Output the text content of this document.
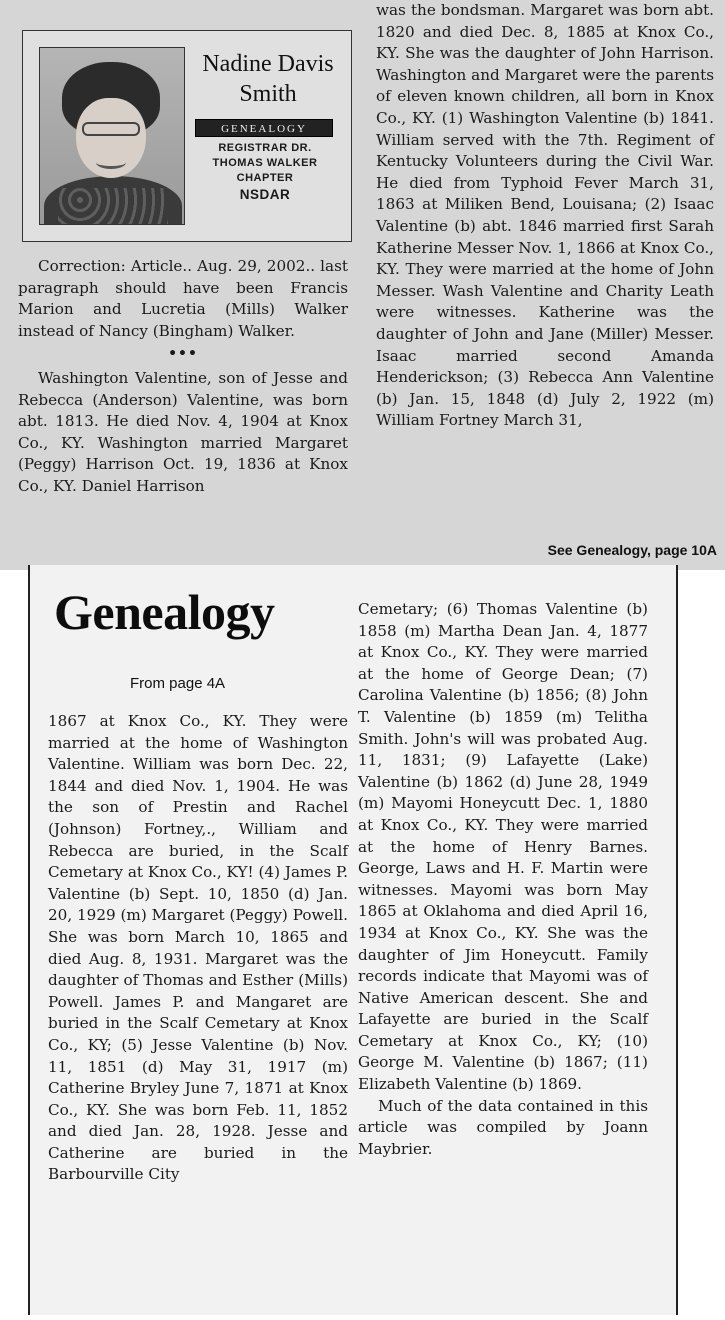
Nadine Davis Smith
GENEALOGY
REGISTRAR DR.
THOMAS WALKER
CHAPTER
NSDAR

Correction: Article.. Aug. 29, 2002.. last paragraph should have been Francis Marion and Lucretia (Mills) Walker instead of Nancy (Bingham) Walker.

•••

Washington Valentine, son of Jesse and Rebecca (Anderson) Valentine, was born abt. 1813. He died Nov. 4, 1904 at Knox Co., KY. Washington married Margaret (Peggy) Harrison Oct. 19, 1836 at Knox Co., KY. Daniel Harrison

was the bondsman. Margaret was born abt. 1820 and died Dec. 8, 1885 at Knox Co., KY. She was the daughter of John Harrison. Washington and Margaret were the parents of eleven known children, all born in Knox Co., KY. (1) Washington Valentine (b) 1841. William served with the 7th. Regiment of Kentucky Volunteers during the Civil War. He died from Typhoid Fever March 31, 1863 at Miliken Bend, Louisana; (2) Isaac Valentine (b) abt. 1846 married first Sarah Katherine Messer Nov. 1, 1866 at Knox Co., KY. They were married at the home of John Messer. Wash Valentine and Charity Leath were witnesses. Katherine was the daughter of John and Jane (Miller) Messer. Isaac married second Amanda Henderickson; (3) Rebecca Ann Valentine (b) Jan. 15, 1848 (d) July 2, 1922 (m) William Fortney March 31,

See Genealogy, page 10A
Genealogy
From page 4A

1867 at Knox Co., KY. They were married at the home of Washington Valentine. William was born Dec. 22, 1844 and died Nov. 1, 1904. He was the son of Prestin and Rachel (Johnson) Fortney,., William and Rebecca are buried, in the Scalf Cemetary at Knox Co., KY! (4) James P. Valentine (b) Sept. 10, 1850 (d) Jan. 20, 1929 (m) Margaret (Peggy) Powell. She was born March 10, 1865 and died Aug. 8, 1931. Margaret was the daughter of Thomas and Esther (Mills) Powell. James P. and Mangaret are buried in the Scalf Cemetary at Knox Co., KY; (5) Jesse Valentine (b) Nov. 11, 1851 (d) May 31, 1917 (m) Catherine Bryley June 7, 1871 at Knox Co., KY. She was born Feb. 11, 1852 and died Jan. 28, 1928. Jesse and Catherine are buried in the Barbourville City

Cemetary; (6) Thomas Valentine (b) 1858 (m) Martha Dean Jan. 4, 1877 at Knox Co., KY. They were married at the home of George Dean; (7) Carolina Valentine (b) 1856; (8) John T. Valentine (b) 1859 (m) Telitha Smith. John's will was probated Aug. 11, 1831; (9) Lafayette (Lake) Valentine (b) 1862 (d) June 28, 1949 (m) Mayomi Honeycutt Dec. 1, 1880 at Knox Co., KY. They were married at the home of Henry Barnes. George, Laws and H. F. Martin were witnesses. Mayomi was born May 1865 at Oklahoma and died April 16, 1934 at Knox Co., KY. She was the daughter of Jim Honeycutt. Family records indicate that Mayomi was of Native American descent. She and Lafayette are buried in the Scalf Cemetary at Knox Co., KY; (10) George M. Valentine (b) 1867; (11) Elizabeth Valentine (b) 1869.

Much of the data contained in this article was compiled by Joann Maybrier.
